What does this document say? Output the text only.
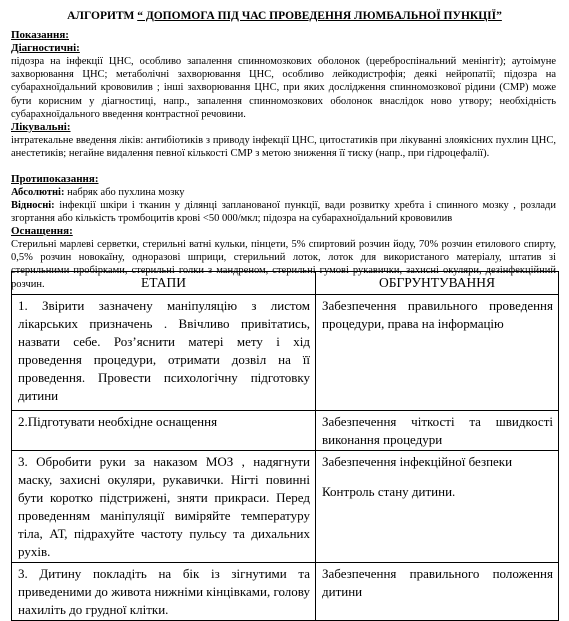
АЛГОРИТМ “ ДОПОМОГА ПІД ЧАС ПРОВЕДЕННЯ ЛЮМБАЛЬНОЇ ПУНКЦІЇ”
Показання:
Діагностичні:
підозра на інфекції ЦНС, особливо запалення спинномозкових оболонок (цереброспінальний менінгіт); аутоімуне захворювання ЦНС; метаболічні захворювання ЦНС, особливо лейкодистрофія; деякі нейропатії; підозра на субарахноїдальний крововилив ; інші захворювання ЦНС, при яких дослідження спинномозкової рідини (СМР) може бути корисним у діагностиці, напр., запалення спинномозкових оболонок внаслідок ново утвору; необхідність субарахноїдального введення контрастної речовини.
Лікувальні:
інтратекальне введення ліків: антибіотиків з приводу інфекції ЦНС, цитостатиків при лікуванні злоякісних пухлин ЦНС, анестетиків; негайне видалення певної кількості СМР з метою зниження її тиску (напр., при гідроцефалії).
Протипоказання:
Абсолютні: набряк або пухлина мозку
Відносні: інфекції шкіри і тканин у ділянці запланованої пункції, вади розвитку хребта і спинного мозку , розлади згортання або кількість тромбоцитів крові <50 000/мкл; підозра на субарахноїдальний крововилив
Оснащення:
Стерильні марлеві серветки, стерильні ватні кульки, пінцети, 5% спиртовий розчин йоду, 70% розчин етилового спирту, 0,5% розчин новокаїну, одноразові шприци, стерильний лоток, лоток для використаного матеріалу, штатив зі стерильними пробірками, стерильні голки з мандреном, стерильні гумові рукавички, захисні окуляри, дезінфекційний розчин.	ЕТАПИ	ОБГРУНТУВАННЯ
1. Звірити зазначену маніпуляцію з листом лікарських призначень . Ввічливо привітатись, назвати себе. Роз’яснити матері мету і хід проведення процедури, отримати дозвіл на її проведення. Провести психологічну підготовку дитини	Забезпечення правильного проведення процедури, права на інформацію
2.Підготувати необхідне оснащення	Забезпечення чіткості та швидкості виконання процедури
3. Обробити руки за наказом МОЗ , надягнути маску, захисні окуляри, рукавички. Нігті повинні бути коротко підстрижені, зняти прикраси. Перед проведенням маніпуляції виміряйте температуру тіла, АТ, підрахуйте частоту пульсу та дихальних рухів.	Забезпечення інфекційної безпеки
Контроль стану дитини.

3. Дитину покладіть на бік із зігнутими та приведеними до живота нижніми кінцівками, голову нахиліть до грудної клітки.	Забезпечення правильного положення дитини
